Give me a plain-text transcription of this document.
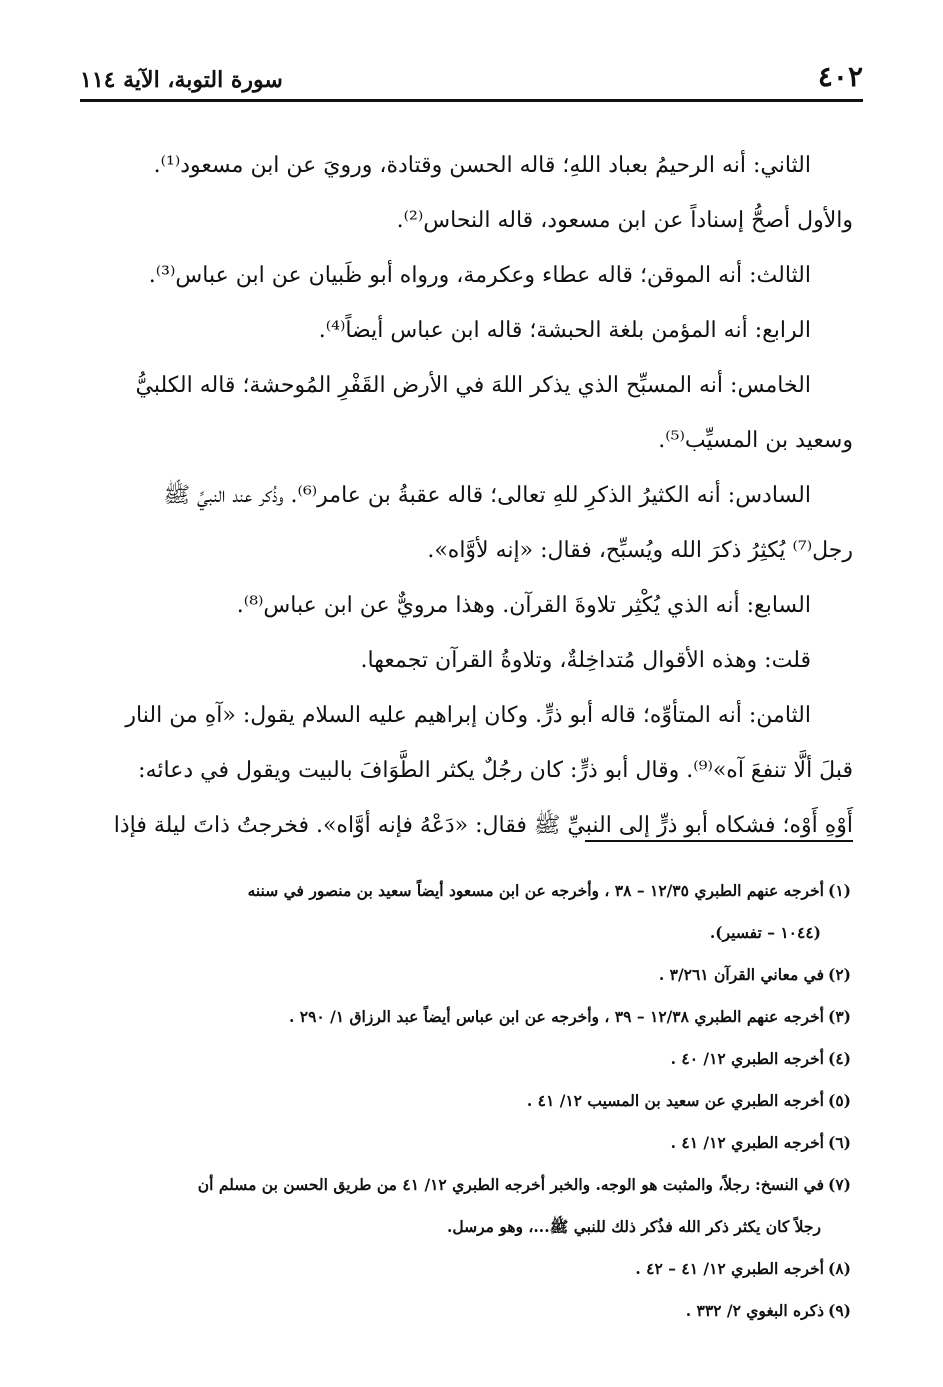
٤٠٢
سورة التوبة، الآية ١١٤

الثاني: أنه الرحيمُ بعباد اللهِ؛ قاله الحسن وقتادة، ورويَ عن ابن مسعود⁽¹⁾.

والأول أصحُّ إسناداً عن ابن مسعود، قاله النحاس⁽²⁾.

الثالث: أنه الموقن؛ قاله عطاء وعكرمة، ورواه أبو ظَبيان عن ابن عباس⁽³⁾.

الرابع: أنه المؤمن بلغة الحبشة؛ قاله ابن عباس أيضاً⁽⁴⁾.

الخامس: أنه المسبِّح الذي يذكر اللهَ في الأرض القَفْرِ المُوحشة؛ قاله الكلبيُّ

وسعيد بن المسيِّب⁽⁵⁾.

السادس: أنه الكثيرُ الذكرِ للهِ تعالى؛ قاله عقبةُ بن عامر⁽⁶⁾. وذُكر عند النبيِّ ﷺ

رجل⁽⁷⁾ يُكثِرُ ذكرَ الله ويُسبِّح، فقال: «إنه لأوَّاه».

السابع: أنه الذي يُكْثِر تلاوةَ القرآن. وهذا مرويٌّ عن ابن عباس⁽⁸⁾.

قلت: وهذه الأقوال مُتداخِلةٌ، وتلاوةُ القرآن تجمعها.

الثامن: أنه المتأوِّه؛ قاله أبو ذرٍّ. وكان إبراهيم عليه السلام يقول: «آهِ من النار

قبلَ ألَّا تنفعَ آه»⁽⁹⁾. وقال أبو ذرٍّ: كان رجُلٌ يكثر الطَّوَافَ بالبيت ويقول في دعائه:

أَوْهِ أَوْه؛ فشكاه أبو ذرٍّ إلى النبيِّ ﷺ فقال: «دَعْهُ فإنه أوَّاه». فخرجتُ ذاتَ ليلة فإذا

(١)أخرجه عنهم الطبري ١٢/٣٥ – ٣٨ ، وأخرجه عن ابن مسعود أيضاً سعيد بن منصور في سننه

(١٠٤٤ – تفسير).

(٢)في معاني القرآن ٣/٢٦١ .

(٣)أخرجه عنهم الطبري ١٢/٣٨ – ٣٩ ، وأخرجه عن ابن عباس أيضاً عبد الرزاق ١/ ٢٩٠ .

(٤)أخرجه الطبري ١٢/ ٤٠ .

(٥)أخرجه الطبري عن سعيد بن المسيب ١٢/ ٤١ .

(٦)أخرجه الطبري ١٢/ ٤١ .

(٧)في النسخ: رجلاً، والمثبت هو الوجه. والخبر أخرجه الطبري ١٢/ ٤١ من طريق الحسن بن مسلم أن

رجلاً كان يكثر ذكر الله فذُكر ذلك للنبي ﷺ...، وهو مرسل.

(٨)أخرجه الطبري ١٢/ ٤١ – ٤٢ .

(٩)ذكره البغوي ٢/ ٣٣٢ .
